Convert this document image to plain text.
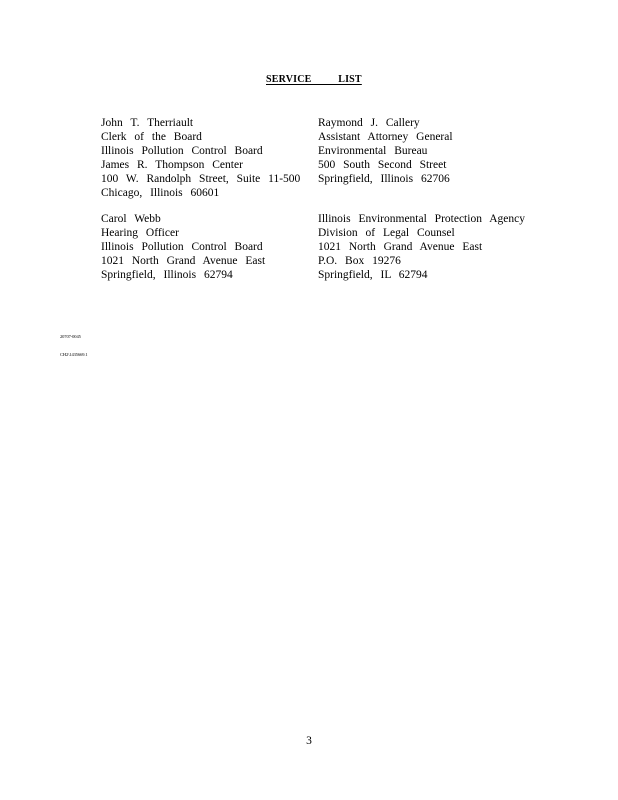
SERVICE LIST
John T. Therriault
Clerk of the Board
Illinois Pollution Control Board
James R. Thompson Center
100 W. Randolph Street, Suite 11-500
Chicago, Illinois 60601
Raymond J. Callery
Assistant Attorney General
Environmental Bureau
500 South Second Street
Springfield, Illinois 62706
Carol Webb
Hearing Officer
Illinois Pollution Control Board
1021 North Grand Avenue East
Springfield, Illinois 62794
Illinois Environmental Protection Agency
Division of Legal Counsel
1021 North Grand Avenue East
P.O. Box 19276
Springfield, IL 62794
20707-0045
CH2\1435669.1
3
